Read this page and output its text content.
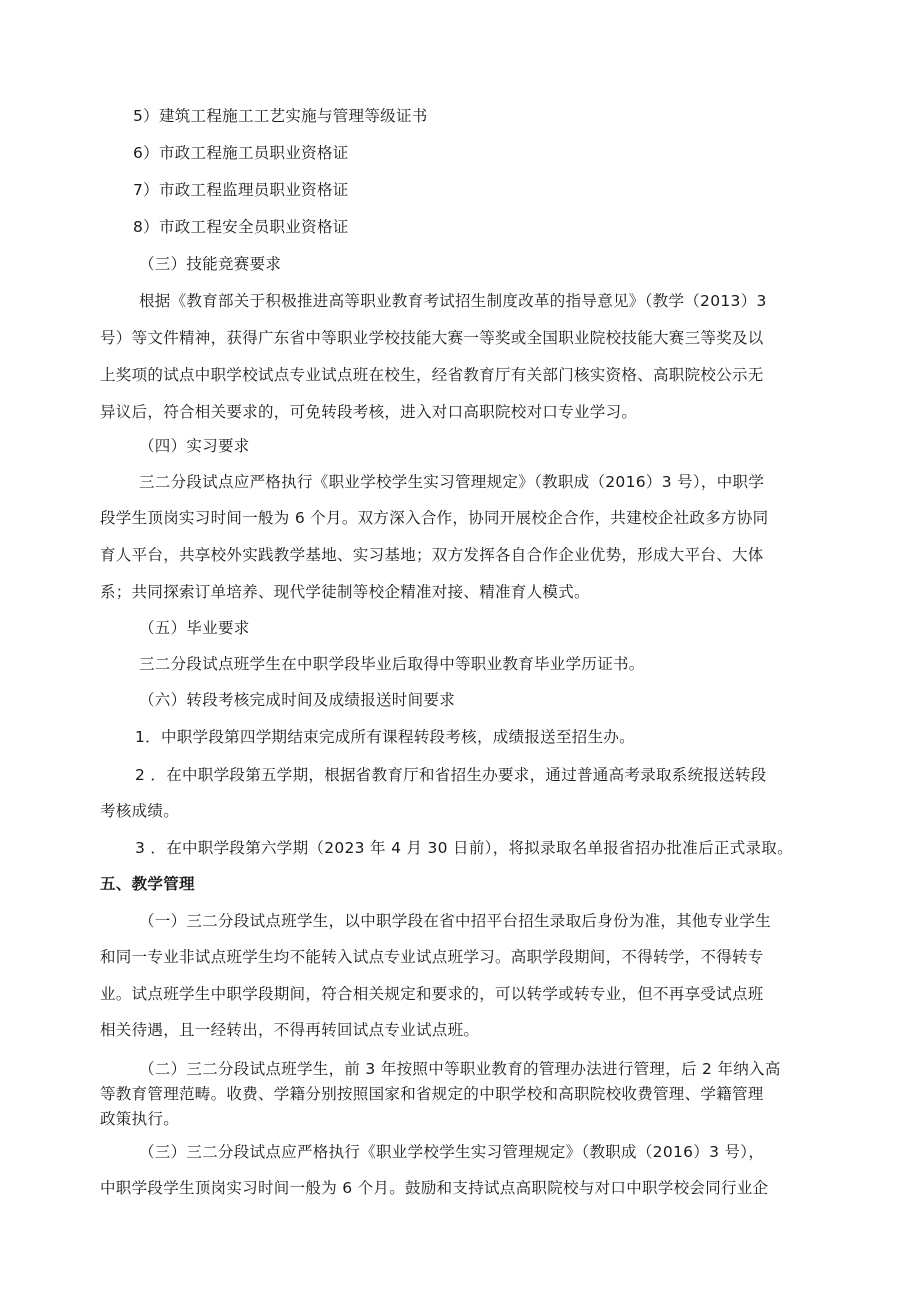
5）建筑工程施工工艺实施与管理等级证书
6）市政工程施工员职业资格证
7）市政工程监理员职业资格证
8）市政工程安全员职业资格证
（三）技能竞赛要求
根据《教育部关于积极推进高等职业教育考试招生制度改革的指导意见》（教学（2013）3
号）等文件精神，获得广东省中等职业学校技能大赛一等奖或全国职业院校技能大赛三等奖及以
上奖项的试点中职学校试点专业试点班在校生，经省教育厅有关部门核实资格、高职院校公示无
异议后，符合相关要求的，可免转段考核，进入对口高职院校对口专业学习。
（四）实习要求
三二分段试点应严格执行《职业学校学生实习管理规定》（教职成（2016）3 号），中职学
段学生顶岗实习时间一般为 6 个月。双方深入合作，协同开展校企合作，共建校企社政多方协同
育人平台，共享校外实践教学基地、实习基地；双方发挥各自合作企业优势，形成大平台、大体
系；共同探索订单培养、现代学徒制等校企精准对接、精准育人模式。
（五）毕业要求
三二分段试点班学生在中职学段毕业后取得中等职业教育毕业学历证书。
（六）转段考核完成时间及成绩报送时间要求
1．中职学段第四学期结束完成所有课程转段考核，成绩报送至招生办。
2 ．在中职学段第五学期，根据省教育厅和省招生办要求，通过普通高考录取系统报送转段
考核成绩。
3 ．在中职学段第六学期（2023 年 4 月 30 日前），将拟录取名单报省招办批准后正式录取。
五、教学管理
（一）三二分段试点班学生，以中职学段在省中招平台招生录取后身份为准，其他专业学生
和同一专业非试点班学生均不能转入试点专业试点班学习。高职学段期间，不得转学，不得转专
业。试点班学生中职学段期间，符合相关规定和要求的，可以转学或转专业，但不再享受试点班
相关待遇，且一经转出，不得再转回试点专业试点班。
（二）三二分段试点班学生，前 3 年按照中等职业教育的管理办法进行管理，后 2 年纳入高
等教育管理范畴。收费、学籍分别按照国家和省规定的中职学校和高职院校收费管理、学籍管理
政策执行。
（三）三二分段试点应严格执行《职业学校学生实习管理规定》（教职成（2016）3 号），
中职学段学生顶岗实习时间一般为 6 个月。鼓励和支持试点高职院校与对口中职学校会同行业企
